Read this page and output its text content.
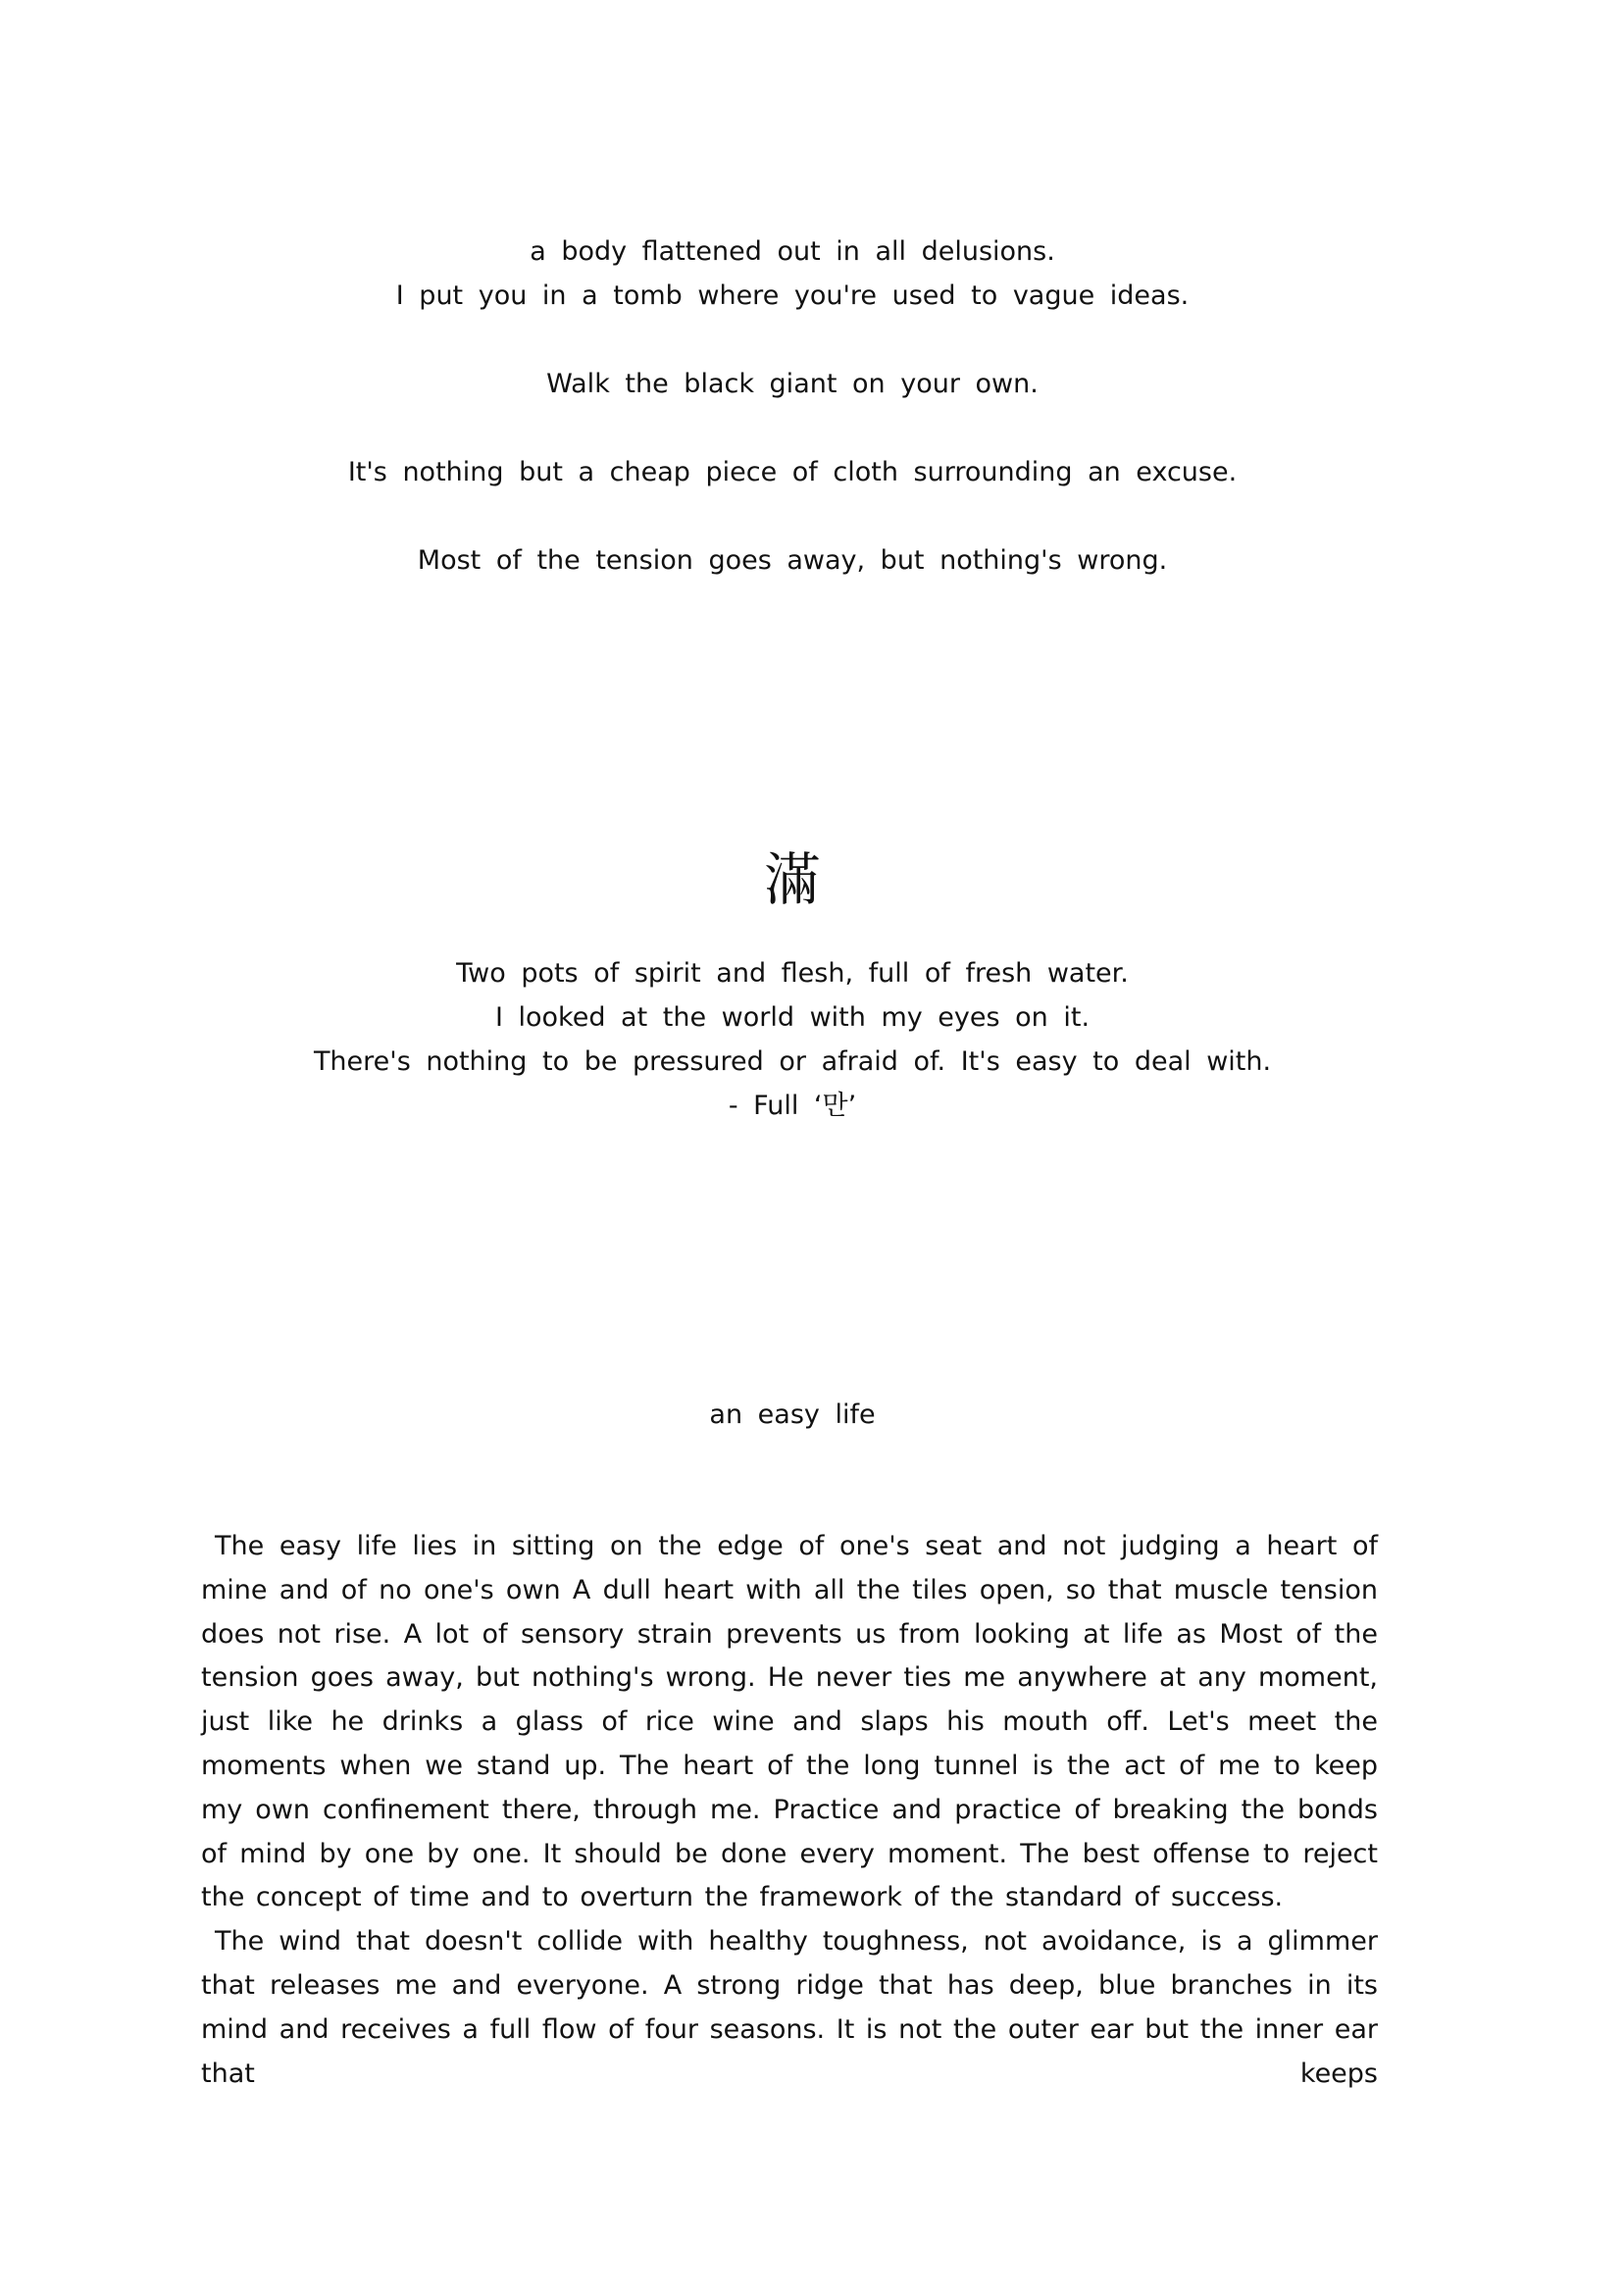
a body flattened out in all delusions.

I put you in a tomb where you're used to vague ideas.

Walk the black giant on your own.

It's nothing but a cheap piece of cloth surrounding an excuse.

Most of the tension goes away, but nothing's wrong.

滿

Two pots of spirit and flesh, full of fresh water.

I looked at the world with my eyes on it.

There's nothing to be pressured or afraid of. It's easy to deal with.

- Full ‘만’

an easy life

The easy life lies in sitting on the edge of one's seat and not judging a heart of mine and of no one's own A dull heart with all the tiles open, so that muscle tension does not rise. A lot of sensory strain prevents us from looking at life as Most of the tension goes away, but nothing's wrong. He never ties me anywhere at any moment, just like he drinks a glass of rice wine and slaps his mouth off. Let's meet the moments when we stand up. The heart of the long tunnel is the act of me to keep my own confinement there, through me. Practice and practice of breaking the bonds of mind by one by one. It should be done every moment. The best offense to reject the concept of time and to overturn the framework of the standard of success.

The wind that doesn't collide with healthy toughness, not avoidance, is a glimmer that releases me and everyone. A strong ridge that has deep, blue branches in its mind and receives a full flow of four seasons. It is not the outer ear but the inner ear that keeps
